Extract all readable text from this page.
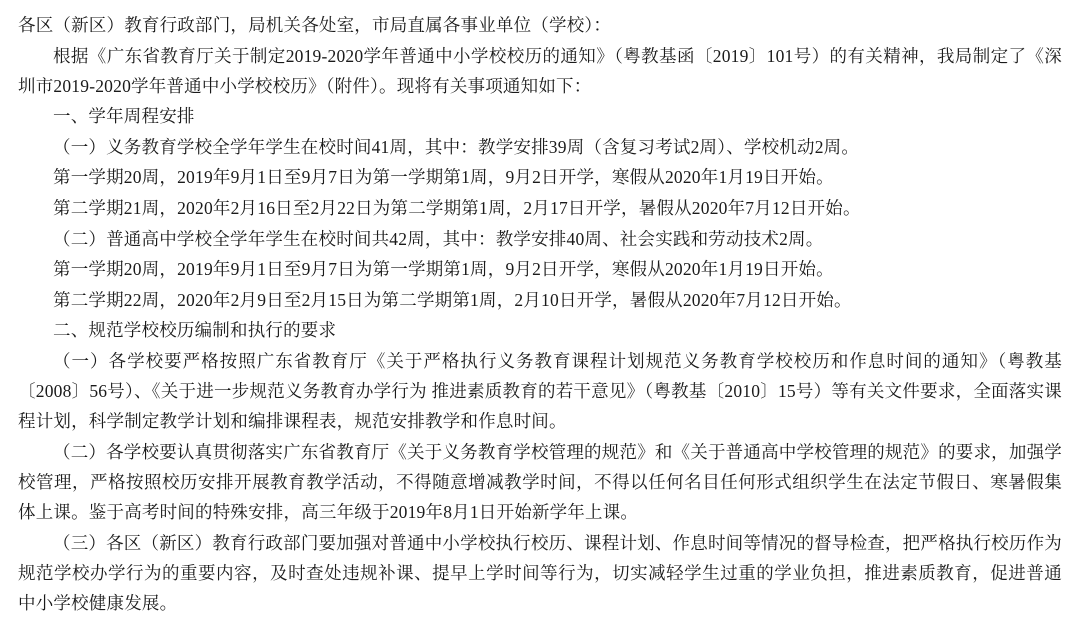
各区（新区）教育行政部门，局机关各处室，市局直属各事业单位（学校）：

根据《广东省教育厅关于制定2019-2020学年普通中小学校校历的通知》（粤教基函〔2019〕101号）的有关精神，我局制定了《深圳市2019-2020学年普通中小学校校历》（附件）。现将有关事项通知如下：

一、学年周程安排

（一）义务教育学校全学年学生在校时间41周，其中：教学安排39周（含复习考试2周）、学校机动2周。

第一学期20周，2019年9月1日至9月7日为第一学期第1周，9月2日开学，寒假从2020年1月19日开始。

第二学期21周，2020年2月16日至2月22日为第二学期第1周，2月17日开学，暑假从2020年7月12日开始。

（二）普通高中学校全学年学生在校时间共42周，其中：教学安排40周、社会实践和劳动技术2周。

第一学期20周，2019年9月1日至9月7日为第一学期第1周，9月2日开学，寒假从2020年1月19日开始。

第二学期22周，2020年2月9日至2月15日为第二学期第1周，2月10日开学，暑假从2020年7月12日开始。

二、规范学校校历编制和执行的要求

（一）各学校要严格按照广东省教育厅《关于严格执行义务教育课程计划规范义务教育学校校历和作息时间的通知》（粤教基〔2008〕56号）、《关于进一步规范义务教育办学行为 推进素质教育的若干意见》（粤教基〔2010〕15号）等有关文件要求，全面落实课程计划，科学制定教学计划和编排课程表，规范安排教学和作息时间。

（二）各学校要认真贯彻落实广东省教育厅《关于义务教育学校管理的规范》和《关于普通高中学校管理的规范》的要求，加强学校管理，严格按照校历安排开展教育教学活动，不得随意增减教学时间，不得以任何名目任何形式组织学生在法定节假日、寒暑假集体上课。鉴于高考时间的特殊安排，高三年级于2019年8月1日开始新学年上课。

（三）各区（新区）教育行政部门要加强对普通中小学校执行校历、课程计划、作息时间等情况的督导检查，把严格执行校历作为规范学校办学行为的重要内容，及时查处违规补课、提早上学时间等行为，切实减轻学生过重的学业负担，推进素质教育，促进普通中小学校健康发展。
